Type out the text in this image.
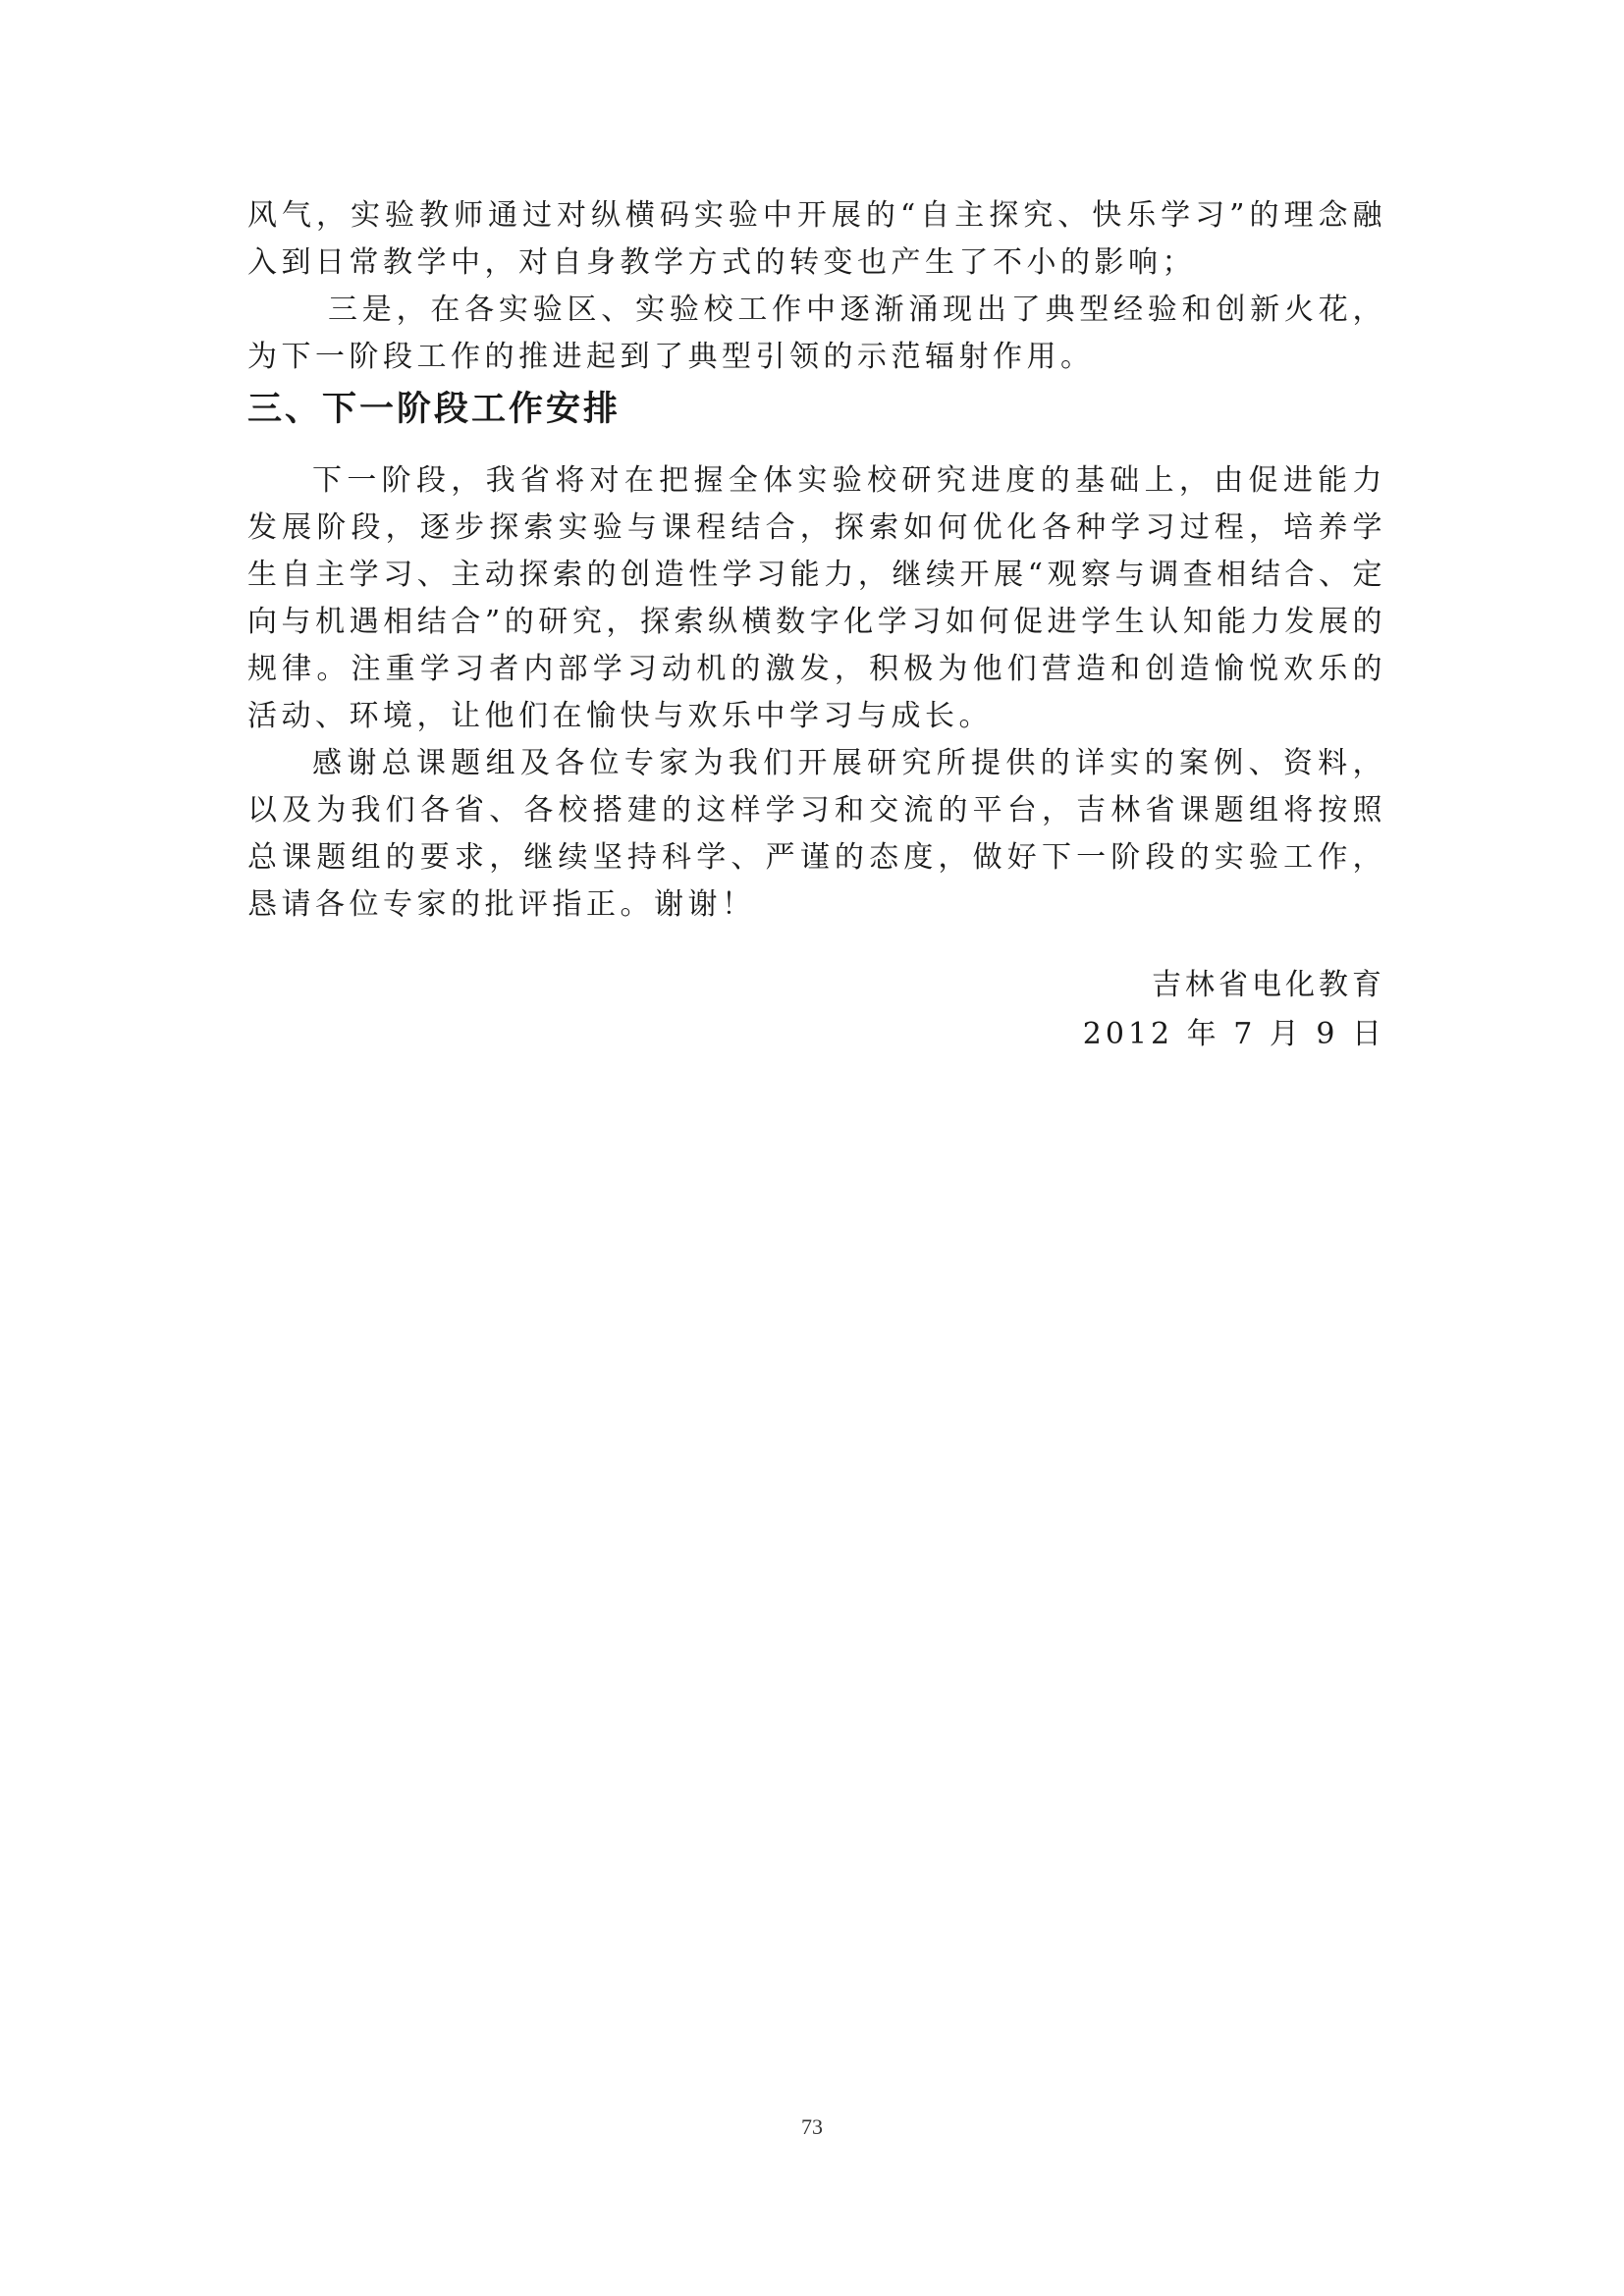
风气，实验教师通过对纵横码实验中开展的“自主探究、快乐学习”的理念融入到日常教学中，对自身教学方式的转变也产生了不小的影响；

三是，在各实验区、实验校工作中逐渐涌现出了典型经验和创新火花，为下一阶段工作的推进起到了典型引领的示范辐射作用。

三、下一阶段工作安排

下一阶段，我省将对在把握全体实验校研究进度的基础上，由促进能力发展阶段，逐步探索实验与课程结合，探索如何优化各种学习过程，培养学生自主学习、主动探索的创造性学习能力，继续开展“观察与调查相结合、定向与机遇相结合”的研究，探索纵横数字化学习如何促进学生认知能力发展的规律。注重学习者内部学习动机的激发，积极为他们营造和创造愉悦欢乐的活动、环境，让他们在愉快与欢乐中学习与成长。

感谢总课题组及各位专家为我们开展研究所提供的详实的案例、资料，以及为我们各省、各校搭建的这样学习和交流的平台，吉林省课题组将按照总课题组的要求，继续坚持科学、严谨的态度，做好下一阶段的实验工作，恳请各位专家的批评指正。谢谢！

吉林省电化教育
2012 年 7 月 9 日
73
